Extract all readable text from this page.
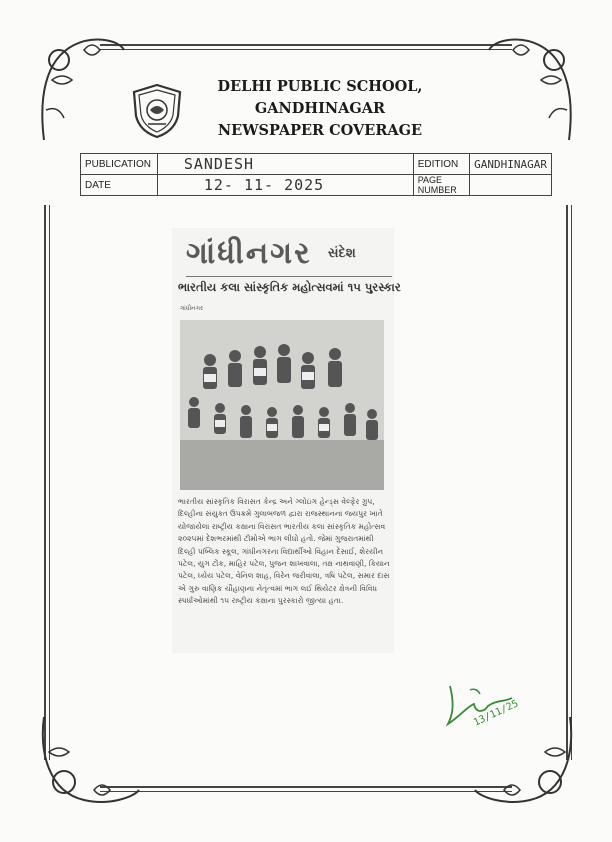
DELHI PUBLIC SCHOOL,
GANDHINAGAR
NEWSPAPER COVERAGE
PUBLICATION	SANDESH	EDITION	GANDHINAGAR
DATE	12- 11- 2025	PAGE NUMBER	
ગાંધીનગર સંદેશ
ભારતીય કલા સાંસ્કૃતિક મહોત્સવમાં ૧૫ પુરસ્કાર
ગાંધીનગર
ભારતીય સાંસ્કૃતિક વિરાસત કેન્દ્ર અને ગ્લોઇંગ હેન્ડ્સ વેલ્ફેર ગ્રુપ, દિલ્હીના સંયુક્ત ઉપક્રમે ગુલાબજળ દ્વારા રાજસ્થાનના જયપુર ખાતે યોજાયેલા રાષ્ટ્રીય કક્ષાના વિરાસત ભારતીય કલા સાંસ્કૃતિક મહોત્સવ ૨૦૨૫માં દેશભરમાંથી ટીમોએ ભાગ લીધો હતો. જેમાં ગુજરાતમાંથી દિલ્હી પબ્લિક સ્કૂલ, ગાંધીનગરના વિદ્યાર્થીઓ વિહાન દેસાઈ, શેરયીન પટેલ, યુગ ટોંક, માહિર પટેલ, પુજન શાખવાલા, તક્ષ નાથવાણી, કિયાન પટેલ, ધ્યેય પટેલ, વેનિલ શાહ, વિરેન જરીવાલા, ત્રષિ પટેલ, સમાર દાસ એ ગુરુ વાણિક ચૌહાણના નેતૃત્વમાં ભાગ લઈ થિયેટર ક્ષેત્રની વિવિધ સ્પર્ધાઓમાંથી ૧૫ રાષ્ટ્રીય કક્ષાના પુરસ્કારો જીત્યા હતા.
13/11/25
